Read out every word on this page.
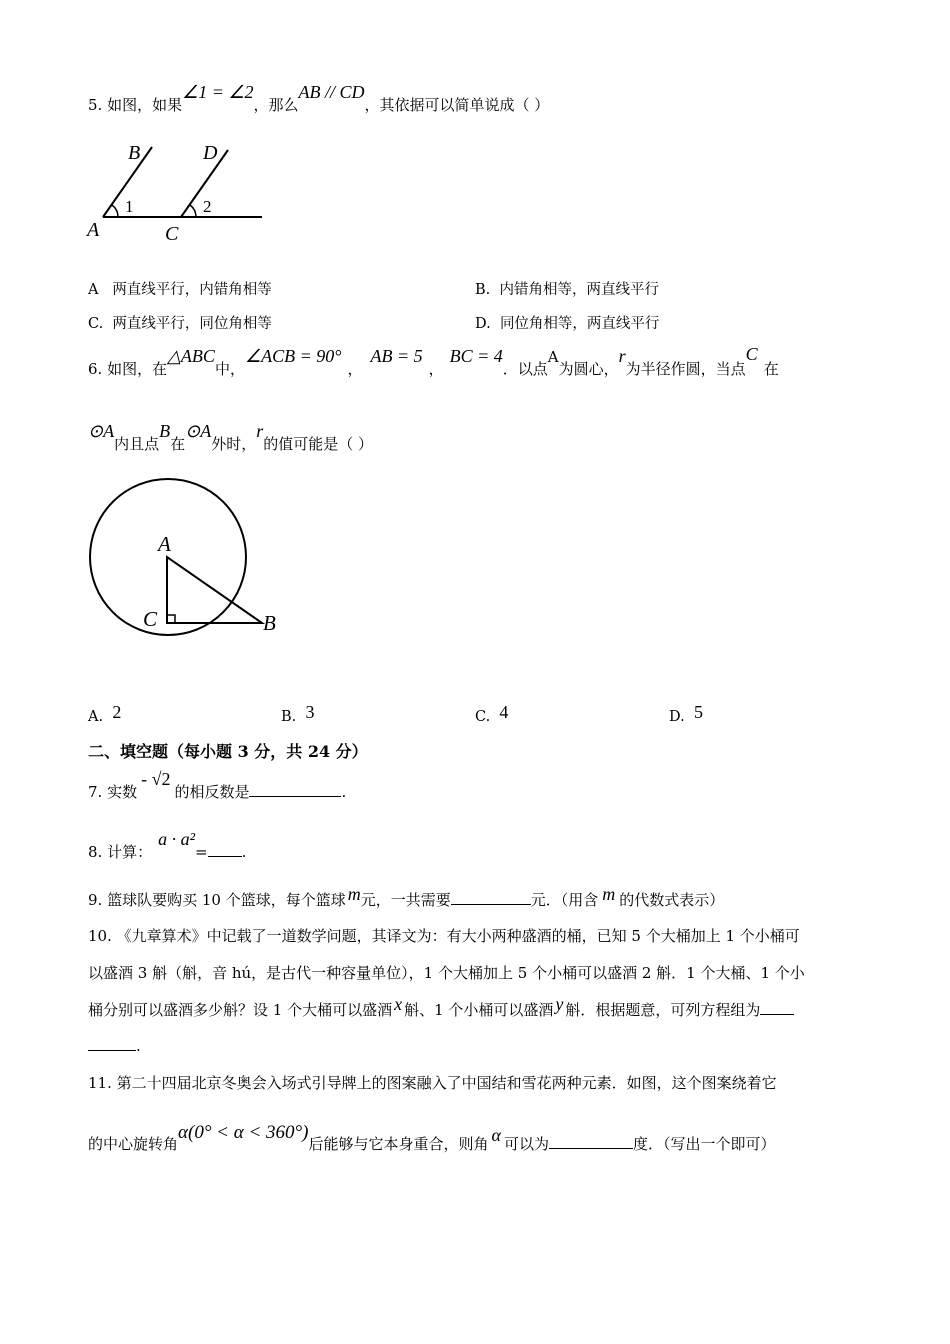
5. 如图，如果∠1 = ∠2，那么AB // CD，其依据可以简单说成（ ）
B	D
1	2
A	C
A 两直线平行，内错角相等	B. 内错角相等，两直线平行
C. 两直线平行，同位角相等	D. 同位角相等，两直线平行
6. 如图，在△ABC中，∠ACB = 90°，AB = 5，BC = 4．以点A为圆心，r为半径作圆，当点C在
⊙A内且点B在⊙A外时，r的值可能是（ ）
A
C	B
A. 2	B. 3	C. 4	D. 5
二、填空题（每小题 3 分，共 24 分）
7. 实数- √2的相反数是	.
8. 计算：a · a²= .
9. 篮球队要购买 10 个篮球，每个篮球 m元，一共需要	元．（用含 m 的代数式表示）
10. 《九章算术》中记载了一道数学问题，其译文为：有大小两种盛酒的桶，已知 5 个大桶加上 1 个小桶可
以盛酒 3 斛（斛，音 hú，是古代一种容量单位），1 个大桶加上 5 个小桶可以盛酒 2 斛．1 个大桶、1 个小
桶分别可以盛酒多少斛？设 1 个大桶可以盛酒 x 斛、1 个小桶可以盛酒 y 斛．根据题意，可列方程组为
.
11. 第二十四届北京冬奥会入场式引导牌上的图案融入了中国结和雪花两种元素．如图，这个图案绕着它
的中心旋转角α(0° < α < 360°)后能够与它本身重合，则角 α 可以为	度．（写出一个即可）
